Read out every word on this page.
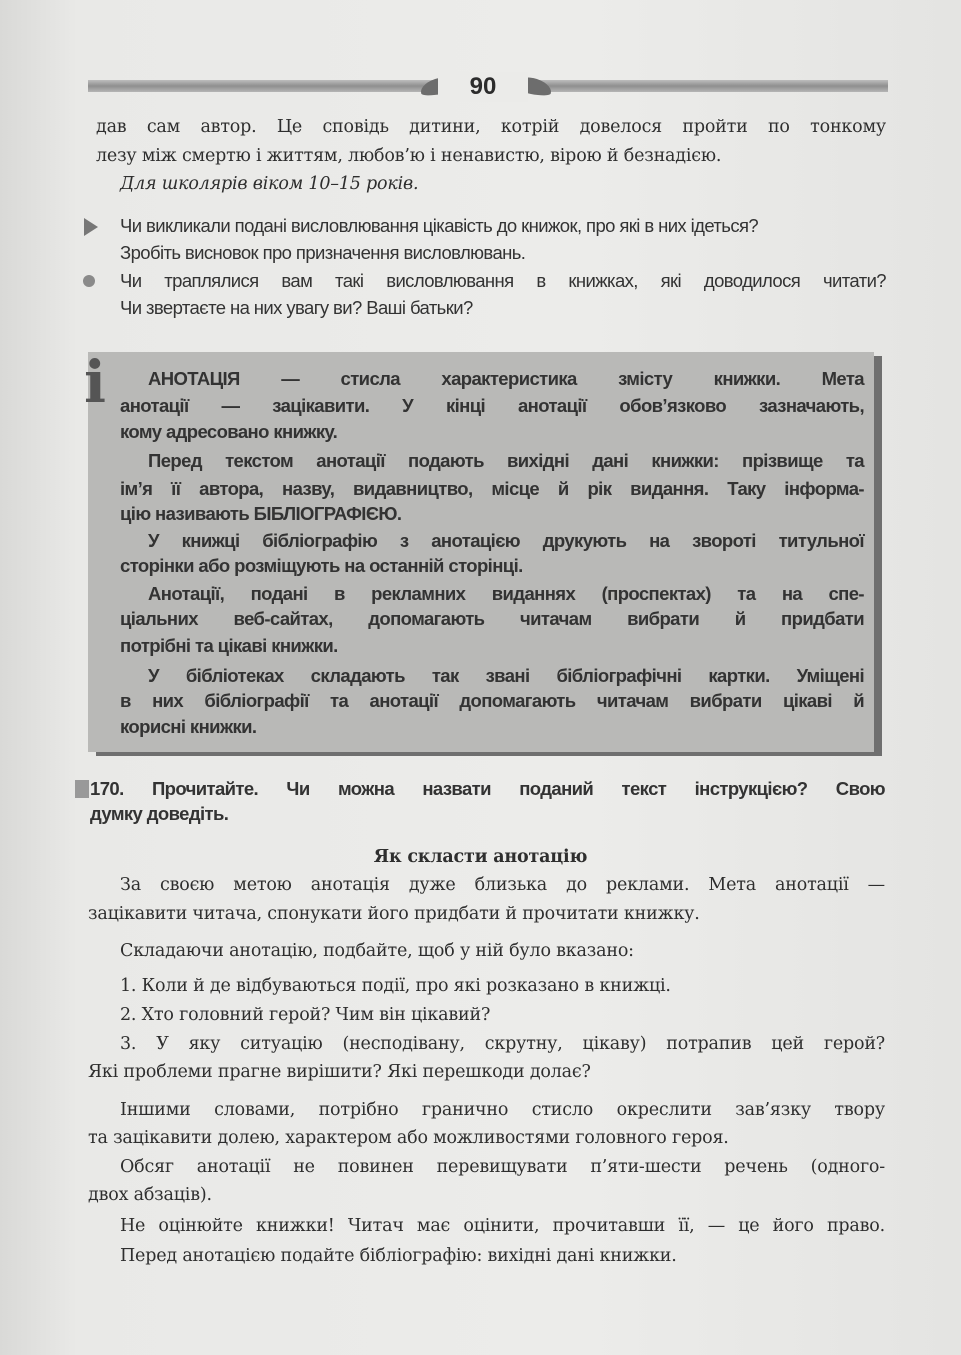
90
дав сам автор. Це сповідь дитини, котрій довелося пройти по тонкому
лезу між смертю і життям, любов’ю і ненавистю, вірою й безнадією.
Для школярів віком 10–15 років.
Чи викликали подані висловлювання цікавість до книжок, про які в них ідеться?
Зробіть висновок про призначення висловлювань.
Чи траплялися вам такі висловлювання в книжках, які доводилося читати?
Чи звертаєте на них увагу ви? Ваші батьки?
i АНОТАЦІЯ — стисла характеристика змісту книжки. Мета
анотації — зацікавити. У кінці анотації обов’язково зазначають,
кому адресовано книжку.
Перед текстом анотації подають вихідні дані книжки: прізвище та
ім’я її автора, назву, видавництво, місце й рік видання. Таку інформа-
цію називають БІБЛІОГРАФІЄЮ.
У книжці бібліографію з анотацією друкують на звороті титульної
сторінки або розміщують на останній сторінці.
Анотації, подані в рекламних виданнях (проспектах) та на спе-
ціальних веб-сайтах, допомагають читачам вибрати й придбати
потрібні та цікаві книжки.
У бібліотеках складають так звані бібліографічні картки. Уміщені
в них бібліографії та анотації допомагають читачам вибрати цікаві й
корисні книжки.
170. Прочитайте. Чи можна назвати поданий текст інструкцією? Свою
думку доведіть.
Як скласти анотацію
За своєю метою анотація дуже близька до реклами. Мета анотації —
зацікавити читача, спонукати його придбати й прочитати книжку.
Складаючи анотацію, подбайте, щоб у ній було вказано:
1. Коли й де відбуваються події, про які розказано в книжці.
2. Хто головний герой? Чим він цікавий?
3. У яку ситуацію (несподівану, скрутну, цікаву) потрапив цей герой?
Які проблеми прагне вирішити? Які перешкоди долає?
Іншими словами, потрібно гранично стисло окреслити зав’язку твору
та зацікавити долею, характером або можливостями головного героя.
Обсяг анотації не повинен перевищувати п’яти-шести речень (одного-
двох абзаців).
Не оцінюйте книжки! Читач має оцінити, прочитавши її, — це його право.
Перед анотацією подайте бібліографію: вихідні дані книжки.
